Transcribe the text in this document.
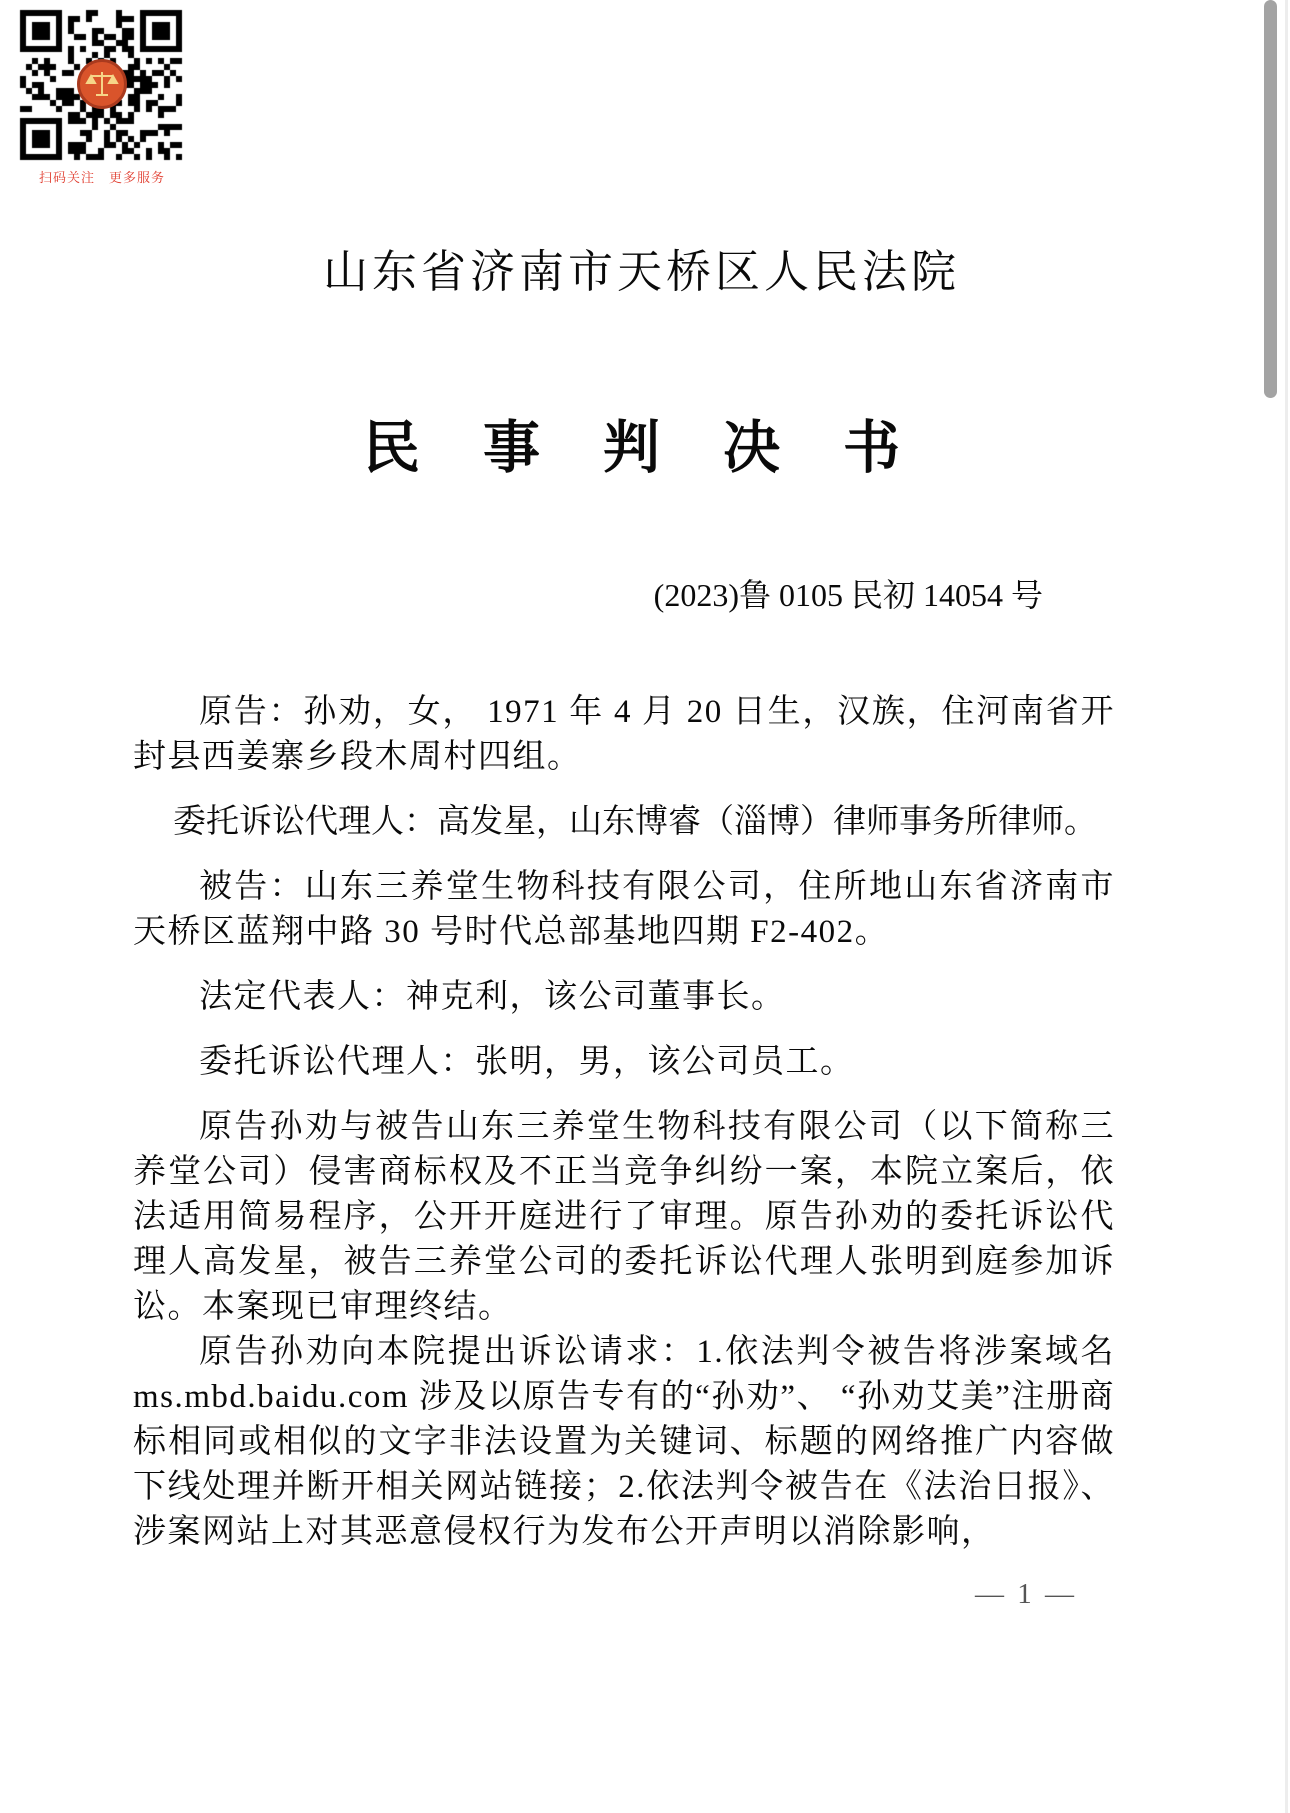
扫码关注　更多服务
山东省济南市天桥区人民法院
民事判决书
(2023)鲁 0105 民初 14054 号

原告：孙劝，女， 1971 年 4 月 20 日生，汉族，住河南省开封县西姜寨乡段木周村四组。

委托诉讼代理人：高发星，山东博睿（淄博）律师事务所律师。

被告：山东三养堂生物科技有限公司，住所地山东省济南市天桥区蓝翔中路 30 号时代总部基地四期 F2-402。

法定代表人：神克利，该公司董事长。

委托诉讼代理人：张明，男，该公司员工。

原告孙劝与被告山东三养堂生物科技有限公司（以下简称三养堂公司）侵害商标权及不正当竞争纠纷一案，本院立案后，依法适用简易程序，公开开庭进行了审理。原告孙劝的委托诉讼代理人高发星，被告三养堂公司的委托诉讼代理人张明到庭参加诉讼。本案现已审理终结。

原告孙劝向本院提出诉讼请求：1.依法判令被告将涉案域名 ms.mbd.baidu.com 涉及以原告专有的“孙劝”、 “孙劝艾美”注册商标相同或相似的文字非法设置为关键词、标题的网络推广内容做下线处理并断开相关网站链接；2.依法判令被告在《法治日报》、涉案网站上对其恶意侵权行为发布公开声明以消除影响，

— 1 —
